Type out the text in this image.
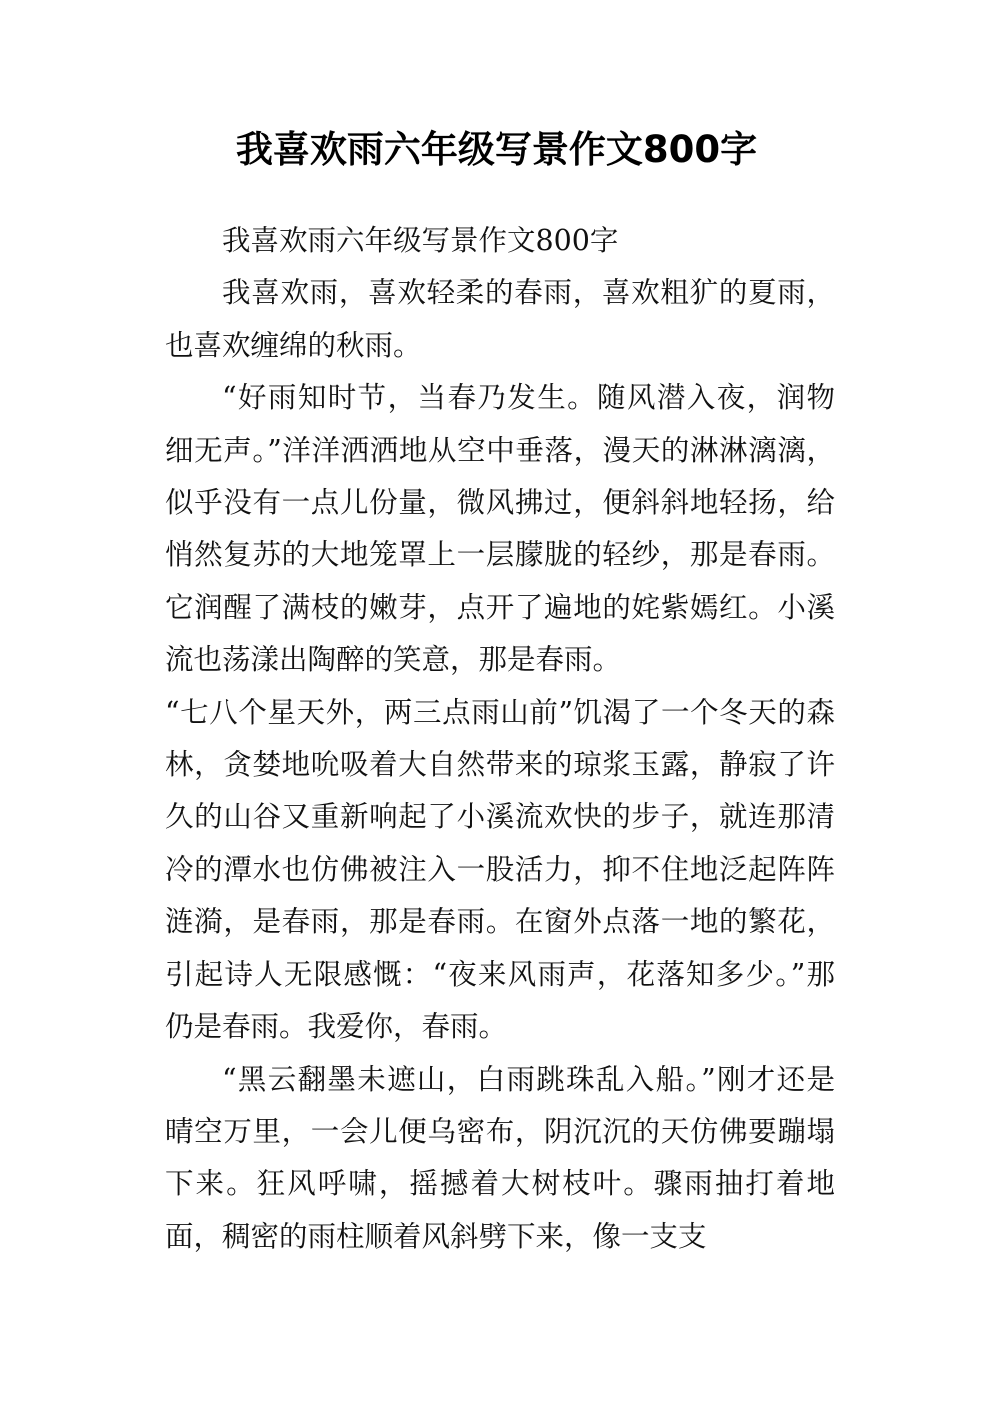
我喜欢雨六年级写景作文800字

我喜欢雨六年级写景作文800字

我喜欢雨，喜欢轻柔的春雨，喜欢粗犷的夏雨，也喜欢缠绵的秋雨。

“好雨知时节，当春乃发生。随风潜入夜，润物细无声。”洋洋洒洒地从空中垂落，漫天的淋淋漓漓，似乎没有一点儿份量，微风拂过，便斜斜地轻扬，给悄然复苏的大地笼罩上一层朦胧的轻纱，那是春雨。它润醒了满枝的嫩芽，点开了遍地的姹紫嫣红。小溪流也荡漾出陶醉的笑意，那是春雨。

“七八个星天外，两三点雨山前”饥渴了一个冬天的森林，贪婪地吮吸着大自然带来的琼浆玉露，静寂了许久的山谷又重新响起了小溪流欢快的步子，就连那清冷的潭水也仿佛被注入一股活力，抑不住地泛起阵阵涟漪，是春雨，那是春雨。在窗外点落一地的繁花，引起诗人无限感慨：“夜来风雨声，花落知多少。”那仍是春雨。我爱你，春雨。

“黑云翻墨未遮山，白雨跳珠乱入船。”刚才还是晴空万里，一会儿便乌密布，阴沉沉的天仿佛要蹦塌下来。狂风呼啸，摇撼着大树枝叶。骤雨抽打着地面，稠密的雨柱顺着风斜劈下来，像一支支
